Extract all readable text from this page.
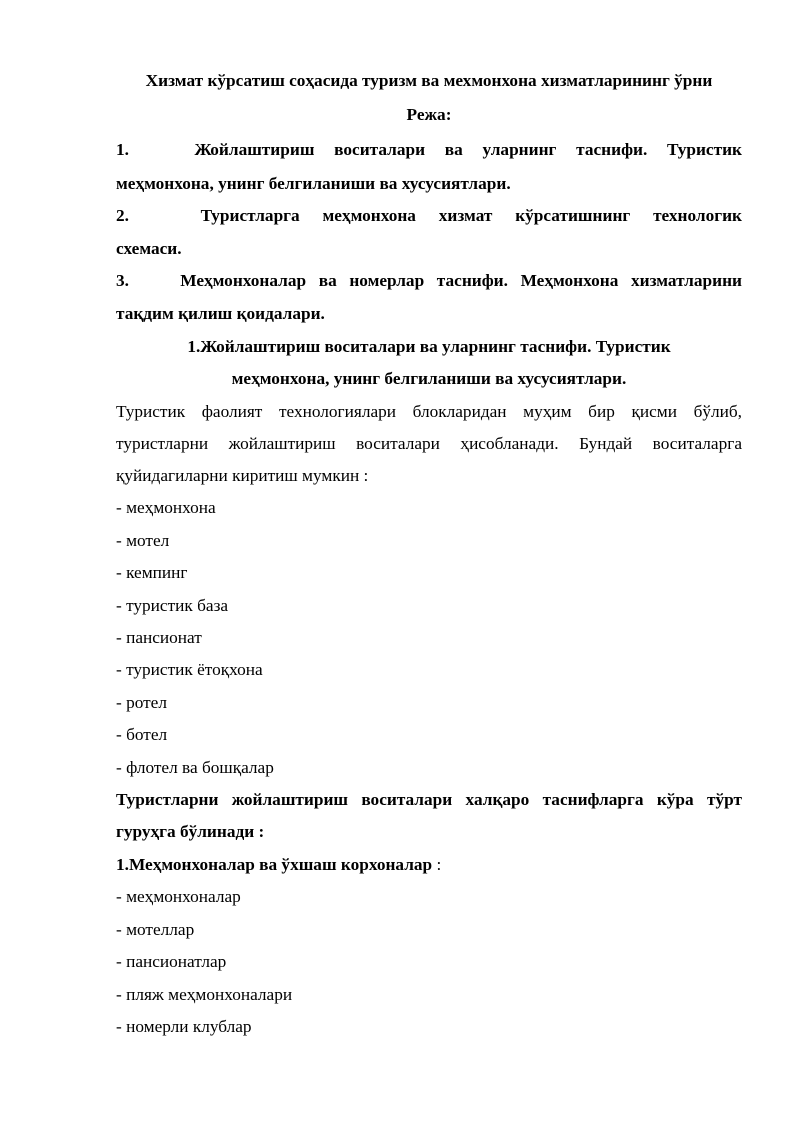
Хизмат кўрсатиш соҳасида туризм ва мехмонхона хизматларининг ўрни
Режа:
1.	Жойлаштириш воситалари ва уларнинг таснифи. Туристик
меҳмонхона, унинг белгиланиши ва хусусиятлари.
2.	Туристларга меҳмонхона хизмат кўрсатишнинг технологик
схемаси.
3.	Меҳмонхоналар ва номерлар таснифи. Меҳмонхона хизматларини
тақдим қилиш қоидалари.
1.Жойлаштириш воситалари ва уларнинг таснифи. Туристик
меҳмонхона, унинг белгиланиши ва хусусиятлари.
Туристик фаолият технологиялари блокларидан муҳим бир қисми бўлиб,
туристларни жойлаштириш воситалари ҳисобланади. Бундай воситаларга
қуйидагиларни киритиш мумкин :
- меҳмонхона
- мотел
- кемпинг
- туристик база
- пансионат
- туристик ётоқхона
- ротел
- ботел
- флотел ва бошқалар
Туристларни жойлаштириш воситалари халқаро таснифларга кўра тўрт
гуруҳга бўлинади :
1.Меҳмонхоналар ва ўхшаш корхоналар :
- меҳмонхоналар
- мотеллар
- пансионатлар
- пляж меҳмонхоналари
- номерли клублар
